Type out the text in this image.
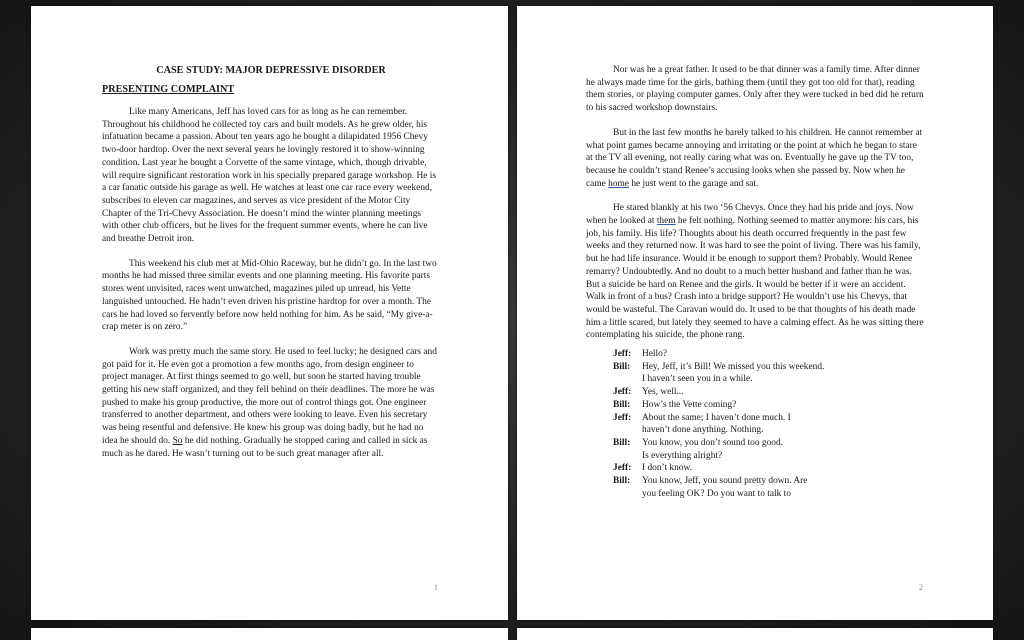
CASE STUDY: MAJOR DEPRESSIVE DISORDER
PRESENTING COMPLAINT

Like many Americans, Jeff has loved cars for as long as he can remember. Throughout his childhood he collected toy cars and built models. As he grew older, his infatuation became a passion. About ten years ago he bought a dilapidated 1956 Chevy two-door hardtop. Over the next several years he lovingly restored it to show-winning condition. Last year he bought a Corvette of the same vintage, which, though drivable, will require significant restoration work in his specially prepared garage workshop. He is a car fanatic outside his garage as well. He watches at least one car race every weekend, subscribes to eleven car magazines, and serves as vice president of the Motor City Chapter of the Tri-Chevy Association. He doesn’t mind the winter planning meetings with other club officers, but he lives for the frequent summer events, where he can live and breathe Detroit iron.

This weekend his club met at Mid-Ohio Raceway, but he didn’t go. In the last two months he had missed three similar events and one planning meeting. His favorite parts stores went unvisited, races went unwatched, magazines piled up unread, his Vette languished untouched. He hadn’t even driven his pristine hardtop for over a month. The cars he had loved so fervently before now held nothing for him. As he said, “My give-a-crap meter is on zero.”

Work was pretty much the same story. He used to feel lucky; he designed cars and got paid for it. He even got a promotion a few months ago, from design engineer to project manager. At first things seemed to go well, but soon he started having trouble getting his new staff organized, and they fell behind on their deadlines. The more he was pushed to make his group productive, the more out of control things got. One engineer transferred to another department, and others were looking to leave. Even his secretary was being resentful and defensive. He knew his group was doing badly, but he had no idea he should do. So he did nothing. Gradually he stopped caring and called in sick as much as he dared. He wasn’t turning out to be such great manager after all.

1

Nor was he a great father. It used to be that dinner was a family time. After dinner he always made time for the girls, bathing them (until they got too old for that), reading them stories, or playing computer games. Only after they were tucked in bed did he return to his sacred workshop downstairs.

But in the last few months he barely talked to his children. He cannot remember at what point games became annoying and irritating or the point at which he began to stare at the TV all evening, not really caring what was on. Eventually he gave up the TV too, because he couldn’t stand Renee’s accusing looks when she passed by. Now when he came home he just went to the garage and sat.

He stared blankly at his two ‘56 Chevys. Once they had his pride and joys. Now when he looked at them he felt nothing. Nothing seemed to matter anymore: his cars, his job, his family. His life? Thoughts about his death occurred frequently in the past few weeks and they returned now. It was hard to see the point of living. There was his family, but he had life insurance. Would it be enough to support them? Probably. Would Renee remarry? Undoubtedly. And no doubt to a much better husband and father than he was. But a suicide be hard on Renee and the girls. It would be better if it were an accident. Walk in front of a bus? Crash into a bridge support? He wouldn’t use his Chevys, that would be wasteful. The Caravan would do. It used to be that thoughts of his death made him a little scared, but lately they seemed to have a calming effect. As he was sitting there contemplating his suicide, the phone rang.

Jeff:	Hello?
Bill:	Hey, Jeff, it’s Bill! We missed you this weekend.
I haven’t seen you in a while.
Jeff:	Yes, well...
Bill:	How’s the Vette coming?
Jeff:	About the same; I haven’t done much. I
haven’t done anything. Nothing.
Bill:	You know, you don’t sound too good.
Is everything alright?
Jeff:	I don’t know.
Bill:	You know, Jeff, you sound pretty down. Are
you feeling OK? Do you want to talk to
2
